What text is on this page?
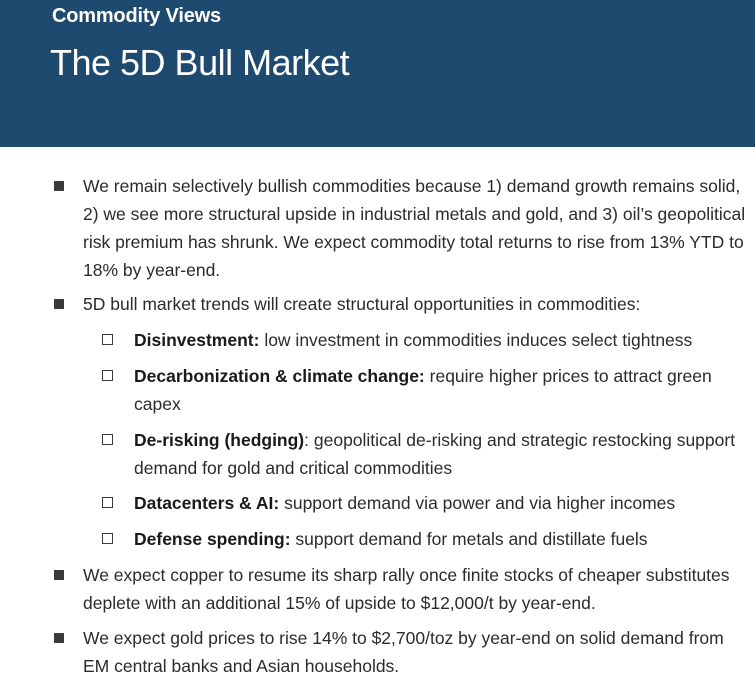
Commodity Views
The 5D Bull Market
We remain selectively bullish commodities because 1) demand growth remains solid, 2) we see more structural upside in industrial metals and gold, and 3) oil’s geopolitical risk premium has shrunk. We expect commodity total returns to rise from 13% YTD to 18% by year-end.
5D bull market trends will create structural opportunities in commodities:
Disinvestment: low investment in commodities induces select tightness
Decarbonization & climate change: require higher prices to attract green capex
De-risking (hedging): geopolitical de-risking and strategic restocking support demand for gold and critical commodities
Datacenters & AI: support demand via power and via higher incomes
Defense spending: support demand for metals and distillate fuels
We expect copper to resume its sharp rally once finite stocks of cheaper substitutes deplete with an additional 15% of upside to $12,000/t by year-end.
We expect gold prices to rise 14% to $2,700/toz by year-end on solid demand from EM central banks and Asian households.
